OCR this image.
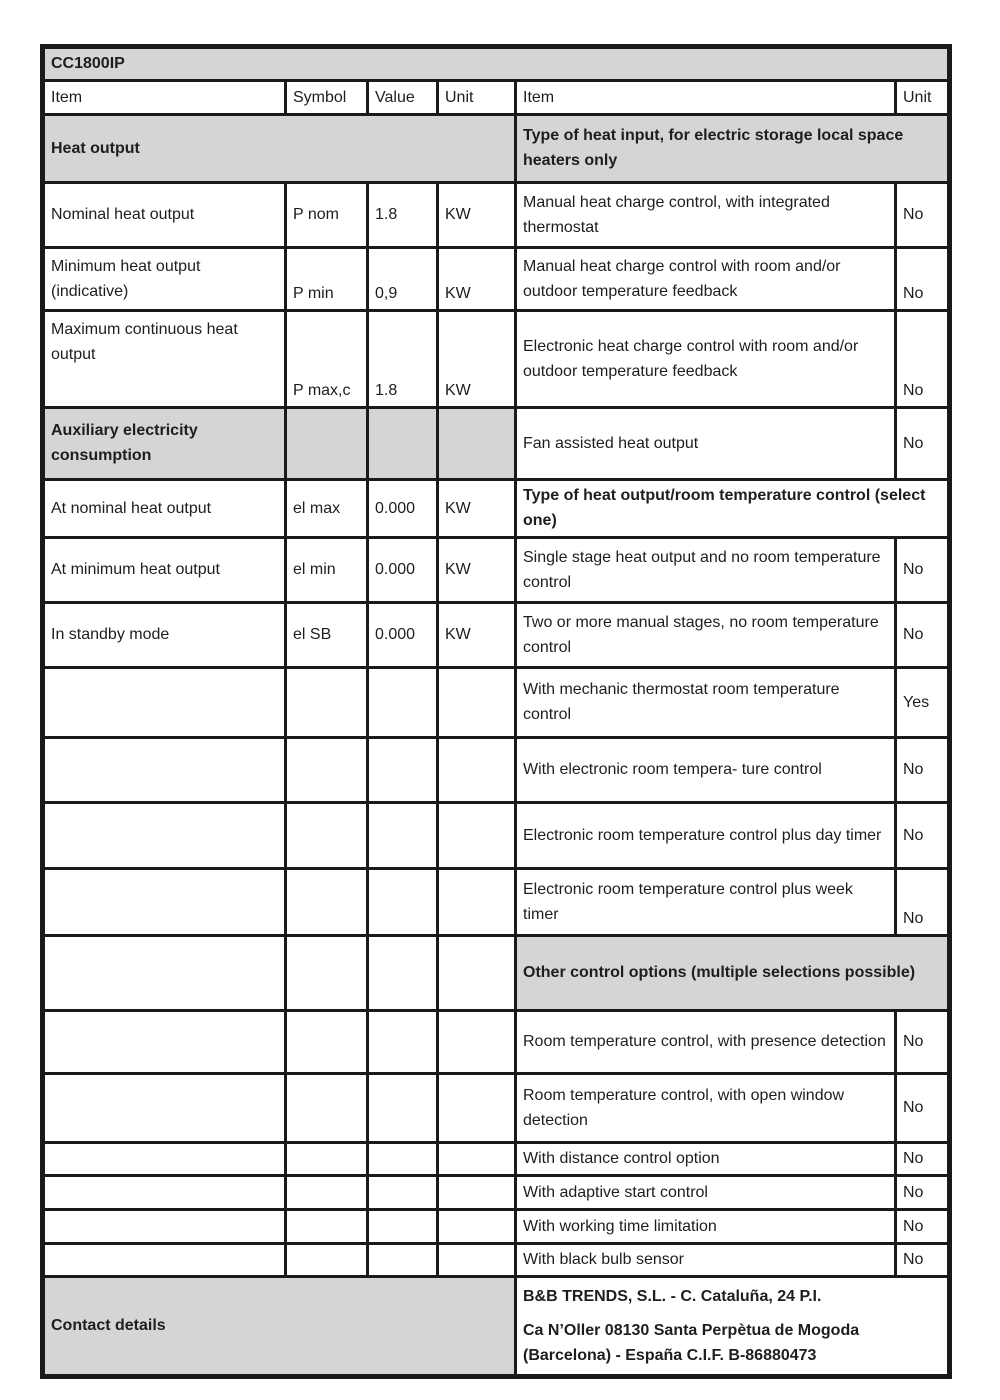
CC1800IP					
Item	Symbol	Value	Unit	Item	Unit
Heat output				Type of heat input, for electric storage local space heaters only	
Nominal heat output	P nom	1.8	KW	Manual heat charge control, with integrated thermostat	No
Minimum heat output (indicative)	P min	0,9	KW	Manual heat charge control with room and/or outdoor temperature feedback	No
Maximum continuous heat output	P max,c	1.8	KW	Electronic heat charge control with room and/or outdoor temperature feedback	No
Auxiliary electricity consumption				Fan assisted heat output	No
At nominal heat output	el max	0.000	KW	Type of heat output/room temperature control (select one)	
At minimum heat output	el min	0.000	KW	Single stage heat output and no room temperature control	No
In standby mode	el SB	0.000	KW	Two or more manual stages, no room temperature control	No
				With mechanic thermostat room temperature control	Yes
				With electronic room tempera- ture control	No
				Electronic room temperature control plus day timer	No
				Electronic room temperature control plus week timer	No
				Other control options (multiple selections possible)	
				Room temperature control, with presence detection	No
				Room temperature control, with open window detection	No
				With distance control option	No
				With adaptive start control	No
				With working time limitation	No
				With black bulb sensor	No
Contact details				B&B TRENDS, S.L. - C. Cataluña, 24 P.I.
Ca N’Oller 08130 Santa Perpètua de Mogoda (Barcelona) - España C.I.F. B-86880473	
